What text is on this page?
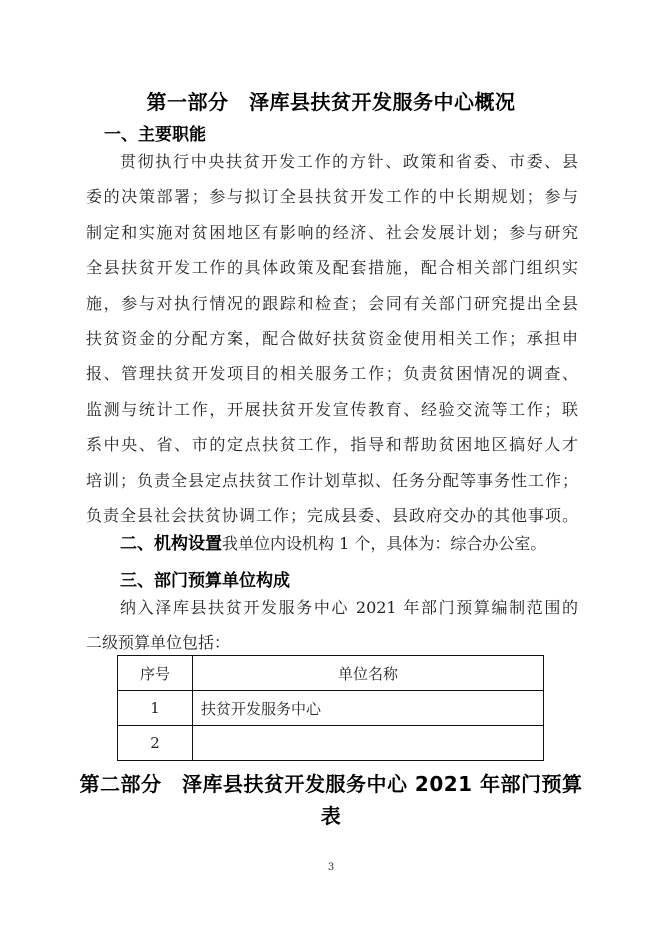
第一部分　泽库县扶贫开发服务中心概况
一、主要职能
贯彻执行中央扶贫开发工作的方针、政策和省委、市委、县
委的决策部署；参与拟订全县扶贫开发工作的中长期规划；参与
制定和实施对贫困地区有影响的经济、社会发展计划；参与研究
全县扶贫开发工作的具体政策及配套措施，配合相关部门组织实
施，参与对执行情况的跟踪和检查；会同有关部门研究提出全县
扶贫资金的分配方案，配合做好扶贫资金使用相关工作；承担申
报、管理扶贫开发项目的相关服务工作；负责贫困情况的调查、
监测与统计工作，开展扶贫开发宣传教育、经验交流等工作；联
系中央、省、市的定点扶贫工作，指导和帮助贫困地区搞好人才
培训；负责全县定点扶贫工作计划草拟、任务分配等事务性工作；
负责全县社会扶贫协调工作；完成县委、县政府交办的其他事项。
二、机构设置我单位内设机构 1 个，具体为：综合办公室。
三、部门预算单位构成
纳入泽库县扶贫开发服务中心 2021 年部门预算编制范围的
二级预算单位包括：
序号	单位名称
1	扶贫开发服务中心
2	
第二部分　泽库县扶贫开发服务中心 2021 年部门预算
表
3
